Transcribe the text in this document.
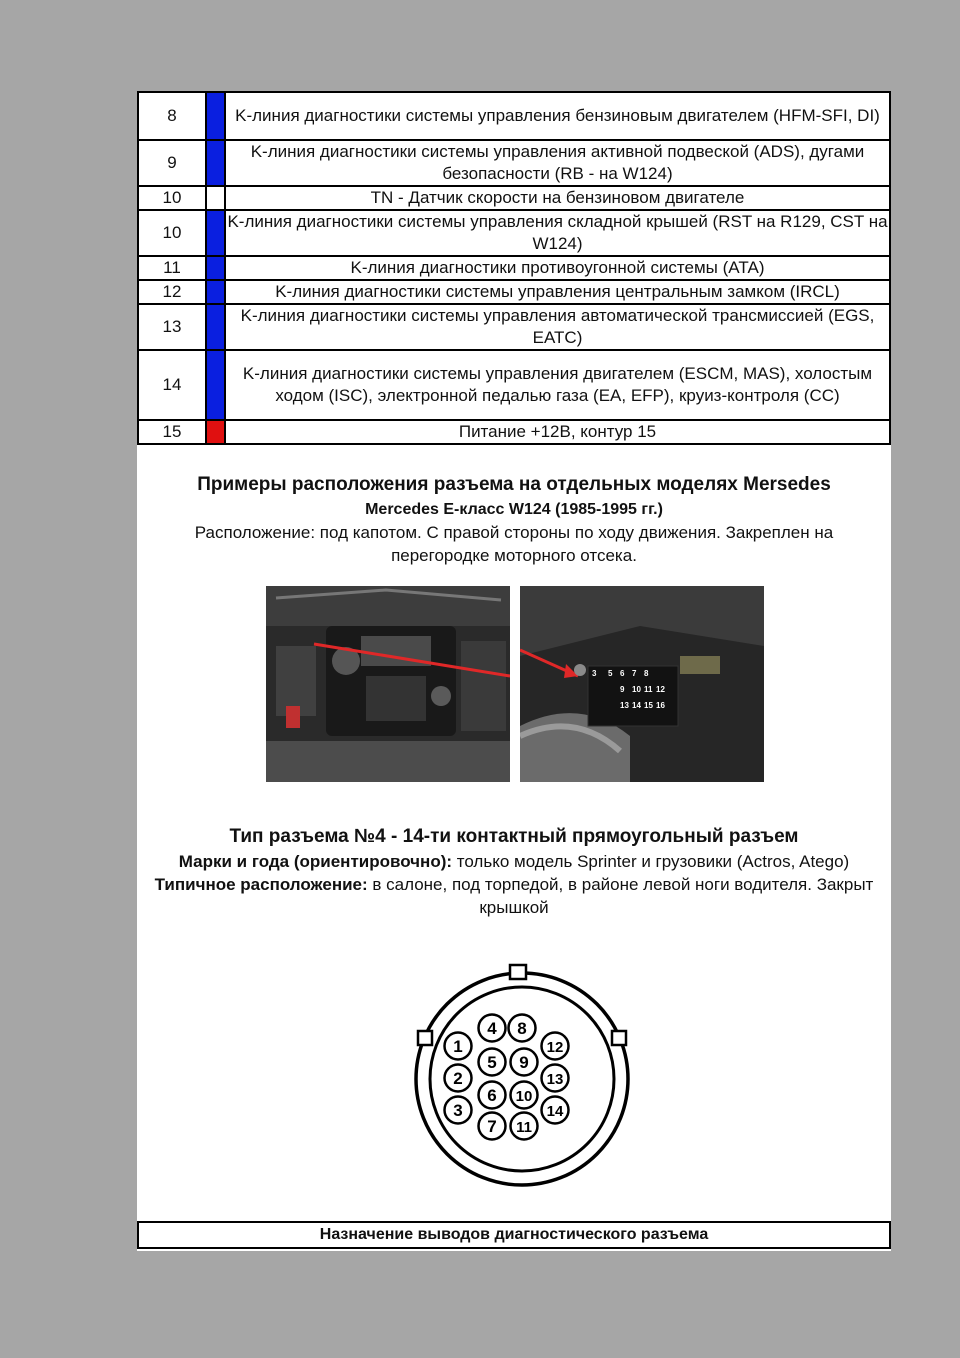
8		K-линия диагностики системы управления бензиновым двигателем (HFM-SFI, DI)
9		K-линия диагностики системы управления активной подвеской (ADS), дугами безопасности (RB - на W124)
10		TN - Датчик скорости на бензиновом двигателе
10		K-линия диагностики системы управления складной крышей (RST на R129, CST на W124)
11		K-линия диагностики противоугонной системы (ATA)
12		K-линия диагностики системы управления центральным замком (IRCL)
13		K-линия диагностики системы управления автоматической трансмиссией (EGS, EATC)
14		K-линия диагностики системы управления двигателем (ESCM, MAS), холостым ходом (ISC), электронной педалью газа (EA, EFP), круиз-контроля (CC)
15		Питание +12В, контур 15
Примеры расположения разъема на отдельных моделях Mersedes
Mercedes E-класс W124 (1985-1995 гг.)
Расположение: под капотом. С правой стороны по ходу движения. Закреплен на перегородке моторного отсека.
3 5 6 7 8
9 10 11 12
13 14 15 16
Тип разъема №4 - 14-ти контактный прямоугольный разъем
Марки и года (ориентировочно): только модель Sprinter и грузовики (Actros, Atego)
Типичное расположение: в салоне, под торпедой, в районе левой ноги водителя. Закрыт крышкой
1
2
3
4
5
6
7
8
9
10
11
12
13
14
Назначение выводов диагностического разъема
